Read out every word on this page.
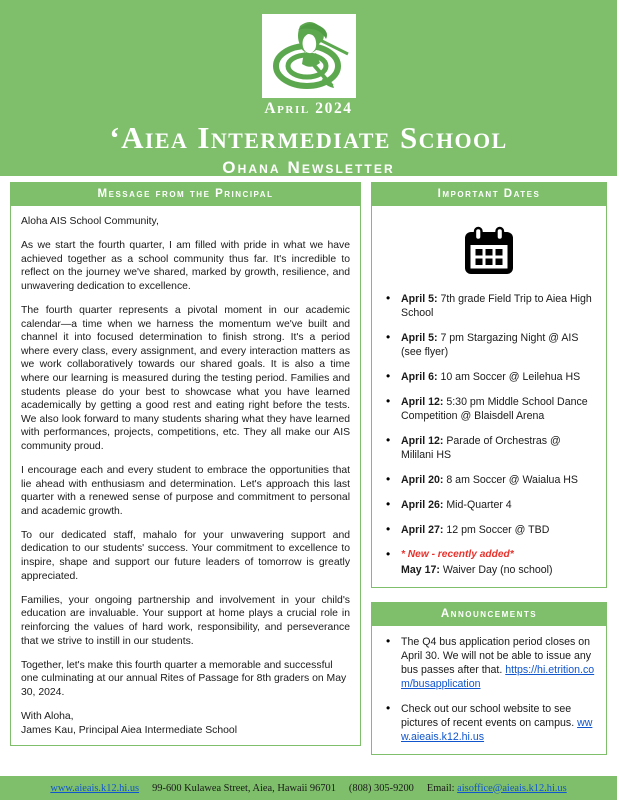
April 2024
‘Aiea Intermediate School
Ohana Newsletter
Message from the Principal

Aloha AIS School Community,

As we start the fourth quarter, I am filled with pride in what we have achieved together as a school community thus far. It's incredible to reflect on the journey we've shared, marked by growth, resilience, and unwavering dedication to excellence.

The fourth quarter represents a pivotal moment in our academic calendar—a time when we harness the momentum we've built and channel it into focused determination to finish strong. It's a period where every class, every assignment, and every interaction matters as we work collaboratively towards our shared goals. It is also a time where our learning is measured during the testing period. Families and students please do your best to showcase what you have learned academically by getting a good rest and eating right before the tests. We also look forward to many students sharing what they have learned with performances, projects, competitions, etc. They all make our AIS community proud.

I encourage each and every student to embrace the opportunities that lie ahead with enthusiasm and determination. Let's approach this last quarter with a renewed sense of purpose and commitment to personal and academic growth.

To our dedicated staff, mahalo for your unwavering support and dedication to our students' success. Your commitment to excellence to inspire, shape and support our future leaders of tomorrow is greatly appreciated.

Families, your ongoing partnership and involvement in your child's education are invaluable. Your support at home plays a crucial role in reinforcing the values of hard work, responsibility, and perseverance that we strive to instill in our students.

Together, let's make this fourth quarter a memorable and successful one culminating at our annual Rites of Passage for 8th graders on May 30, 2024.

With Aloha,
James Kau, Principal Aiea Intermediate School

Important Dates
• April 5: 7th grade Field Trip to Aiea High School
• April 5: 7 pm Stargazing Night @ AIS (see flyer)
• April 6: 10 am Soccer @ Leilehua HS
• April 12: 5:30 pm Middle School Dance Competition @ Blaisdell Arena
• April 12: Parade of Orchestras @ Mililani HS
• April 20: 8 am Soccer @ Waialua HS
• April 26: Mid-Quarter 4
• April 27: 12 pm Soccer @ TBD
• * New - recently added*
May 17: Waiver Day (no school)
Announcements
• The Q4 bus application period closes on April 30. We will not be able to issue any bus passes after that. https://hi.etrition.com/busapplication
• Check out our school website to see pictures of recent events on campus. www.aieais.k12.hi.us
www.aieais.k12.hi.us 99-600 Kulawea Street, Aiea, Hawaii 96701 (808) 305-9200 Email: aisoffice@aieais.k12.hi.us
